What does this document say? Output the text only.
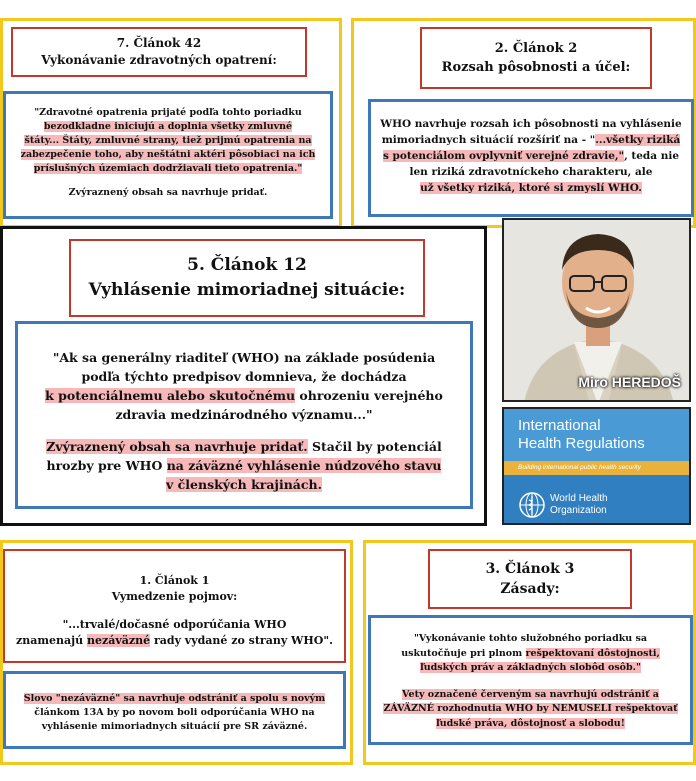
7. Článok 42
Vykonávanie zdravotných opatrení:
"Zdravotné opatrenia prijaté podľa tohto poriadku
bezodkladne iniciujú a doplnia všetky zmluvné
štáty... Štáty, zmluvné strany, tiež prijmú opatrenia na
zabezpečenie toho, aby neštátni aktéri pôsobiaci na ich
príslušných územiach dodržiavali tieto opatrenia."
Zvýraznený obsah sa navrhuje pridať.
2. Článok 2
Rozsah pôsobnosti a účel:
WHO navrhuje rozsah ich pôsobnosti na vyhlásenie
mimoriadnych situácií rozšíriť na - "...všetky riziká
s potenciálom ovplyvniť verejné zdravie,", teda nie
len riziká zdravotníckeho charakteru, ale
už všetky riziká, ktoré si zmyslí WHO.
5. Článok 12
Vyhlásenie mimoriadnej situácie:
"Ak sa generálny riaditeľ (WHO) na základe posúdenia
podľa týchto predpisov domnieva, že dochádza
k potenciálnemu alebo skutočnému ohrozeniu verejného
zdravia medzinárodného významu..."
Zvýraznený obsah sa navrhuje pridať. Stačil by potenciál
hrozby pre WHO na záväzné vyhlásenie núdzového stavu
v členských krajinách.
Miro HEREDOŠ
International
Health Regulations
Building international public health security
World Health
Organization
1. Článok 1
Vymedzenie pojmov:
"...trvalé/dočasné odporúčania WHO
znamenajú nezáväzné rady vydané zo strany WHO".
Slovo "nezáväzné" sa navrhuje odstrániť a spolu s novým
článkom 13A by po novom boli odporúčania WHO na
vyhlásenie mimoriadnych situácií pre SR záväzné.
3. Článok 3
Zásady:
"Vykonávanie tohto služobného poriadku sa
uskutočňuje pri plnom rešpektovaní dôstojnosti,
ľudských práv a základných slobôd osôb."
Vety označené červeným sa navrhujú odstrániť a
ZÁVÄZNÉ rozhodnutia WHO by NEMUSELI rešpektovať
ľudské práva, dôstojnosť a slobodu!
